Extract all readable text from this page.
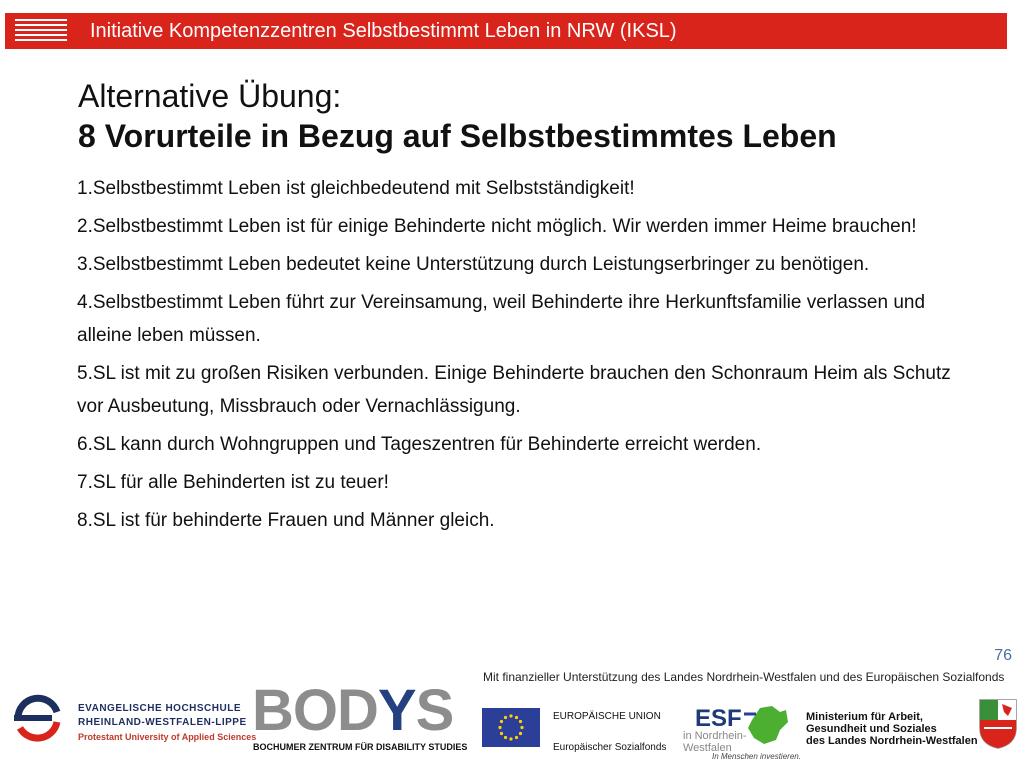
Initiative Kompetenzzentren Selbstbestimmt Leben in NRW (IKSL)
Alternative Übung:
8 Vorurteile in Bezug auf Selbstbestimmtes Leben
1.Selbstbestimmt Leben ist gleichbedeutend mit Selbstständigkeit!
2.Selbstbestimmt Leben ist für einige Behinderte nicht möglich. Wir werden immer Heime brauchen!
3.Selbstbestimmt Leben bedeutet keine Unterstützung durch Leistungserbringer zu benötigen.
4.Selbstbestimmt Leben führt zur Vereinsamung, weil Behinderte ihre Herkunftsfamilie verlassen und alleine leben müssen.
5.SL ist mit zu großen Risiken verbunden. Einige Behinderte brauchen den Schonraum Heim als Schutz vor Ausbeutung, Missbrauch oder Vernachlässigung.
6.SL kann durch Wohngruppen und Tageszentren für Behinderte erreicht werden.
7.SL für alle Behinderten ist zu teuer!
8.SL ist für behinderte Frauen und Männer gleich.
76
Mit finanzieller Unterstützung des Landes Nordrhein-Westfalen und des Europäischen Sozialfonds
EVANGELISCHE HOCHSCHULE
RHEINLAND-WESTFALEN-LIPPE
Protestant University of Applied Sciences
BODYS
BOCHUMER ZENTRUM FÜR DISABILITY STUDIES
EUROPÄISCHE UNION
Europäischer Sozialfonds
ESF
in Nordrhein-
Westfalen
In Menschen investieren.
Ministerium für Arbeit,
Gesundheit und Soziales
des Landes Nordrhein-Westfalen
